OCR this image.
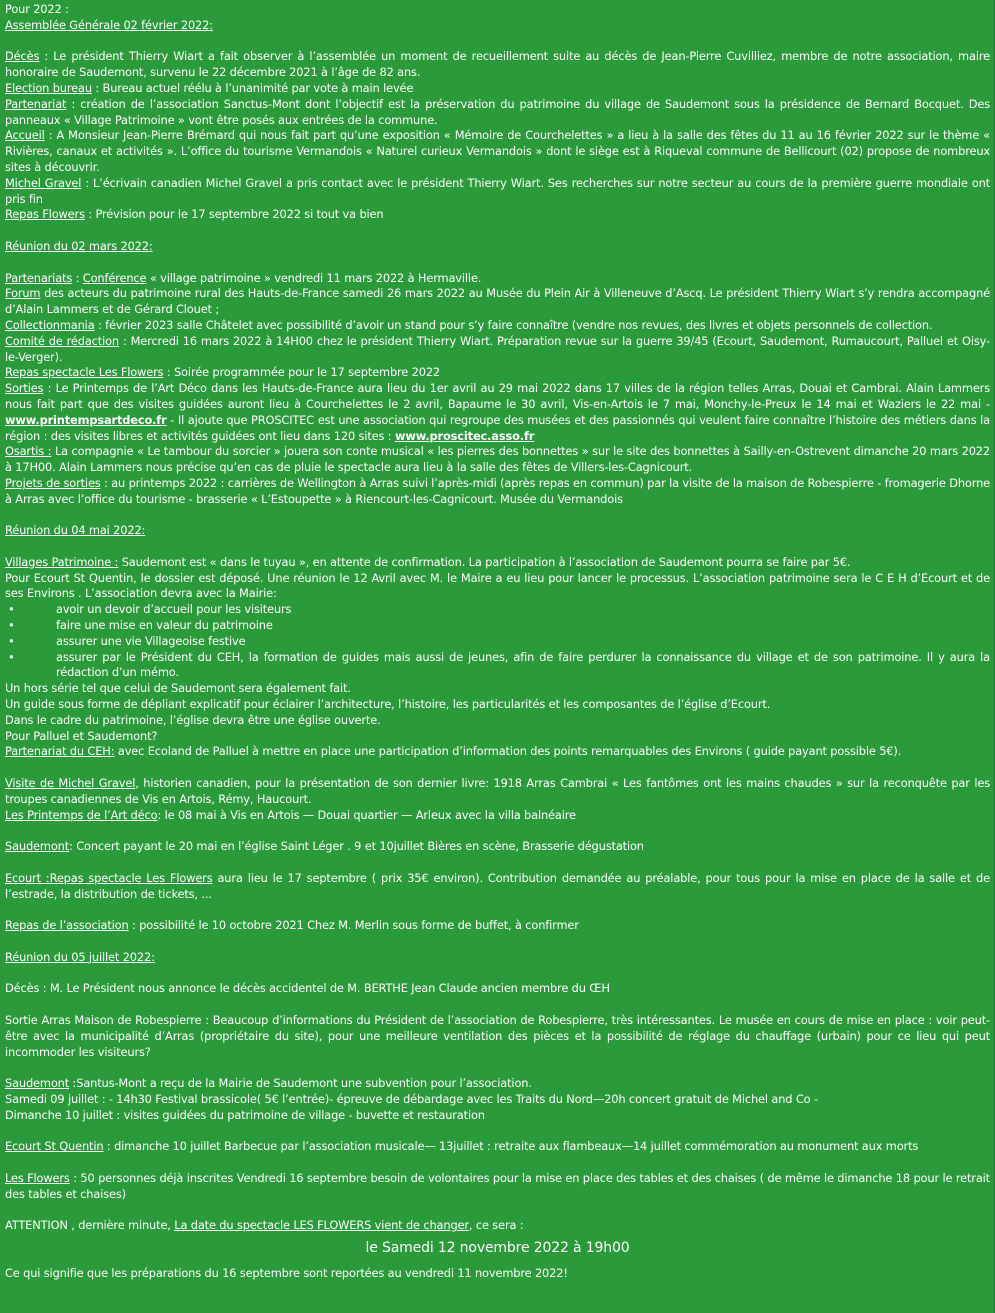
Pour 2022 :

Assemblée Générale 02 février 2022:

Décès : Le président Thierry Wiart a fait observer à l’assemblée un moment de recueillement suite au décès de Jean-Pierre Cuvilliez, membre de notre association, maire honoraire de Saudemont, survenu le 22 décembre 2021 à l’âge de 82 ans.

Election bureau : Bureau actuel réélu à l’unanimité par vote à main levée

Partenariat : création de l’association Sanctus-Mont dont l’objectif est la préservation du patrimoine du village de Saudemont sous la présidence de Bernard Bocquet. Des panneaux « Village Patrimoine » vont être posés aux entrées de la commune.

Accueil : A Monsieur Jean-Pierre Brémard qui nous fait part qu’une exposition « Mémoire de Courchelettes » a lieu à la salle des fêtes du 11 au 16 février 2022 sur le thème « Rivières, canaux et activités ». L’office du tourisme Vermandois « Naturel curieux Vermandois » dont le siège est à Riqueval commune de Bellicourt (02) propose de nombreux sites à découvrir.

Michel Gravel : L’écrivain canadien Michel Gravel a pris contact avec le président Thierry Wiart. Ses recherches sur notre secteur au cours de la première guerre mondiale ont pris fin

Repas Flowers : Prévision pour le 17 septembre 2022 si tout va bien

Réunion du 02 mars 2022:

Partenariats : Conférence « village patrimoine » vendredi 11 mars 2022 à Hermaville.

Forum des acteurs du patrimoine rural des Hauts-de-France samedi 26 mars 2022 au Musée du Plein Air à Villeneuve d’Ascq. Le président Thierry Wiart s’y rendra accompagné d’Alain Lammers et de Gérard Clouet ;

Collectionmania : février 2023 salle Châtelet avec possibilité d’avoir un stand pour s’y faire connaître (vendre nos revues, des livres et objets personnels de collection.

Comité de rédaction : Mercredi 16 mars 2022 à 14H00 chez le président Thierry Wiart. Préparation revue sur la guerre 39/45 (Ecourt, Saudemont, Rumaucourt, Palluel et Oisy-le-Verger).

Repas spectacle Les Flowers : Soirée programmée pour le 17 septembre 2022

Sorties : Le Printemps de l’Art Déco dans les Hauts-de-France aura lieu du 1er avril au 29 mai 2022 dans 17 villes de la région telles Arras, Douai et Cambrai. Alain Lammers nous fait part que des visites guidées auront lieu à Courchelettes le 2 avril, Bapaume le 30 avril, Vis-en-Artois le 7 mai, Monchy-le-Preux le 14 mai et Waziers le 22 mai - www.printempsartdeco.fr - Il ajoute que PROSCITEC est une association qui regroupe des musées et des passionnés qui veulent faire connaître l’histoire des métiers dans la région : des visites libres et activités guidées ont lieu dans 120 sites : www.proscitec.asso.fr

Osartis : La compagnie « Le tambour du sorcier » jouera son conte musical « les pierres des bonnettes » sur le site des bonnettes à Sailly-en-Ostrevent dimanche 20 mars 2022 à 17H00. Alain Lammers nous précise qu’en cas de pluie le spectacle aura lieu à la salle des fêtes de Villers-les-Cagnicourt.

Projets de sorties : au printemps 2022 : carrières de Wellington à Arras suivi l’après-midi (après repas en commun) par la visite de la maison de Robespierre - fromagerie Dhorne à Arras avec l’office du tourisme - brasserie « L’Estoupette » à Riencourt-les-Cagnicourt. Musée du Vermandois

Réunion du 04 mai 2022:

Villages Patrimoine : Saudemont est « dans le tuyau », en attente de confirmation. La participation à l’association de Saudemont pourra se faire par 5€.

Pour Ecourt St Quentin, le dossier est déposé. Une réunion le 12 Avril avec M. le Maire a eu lieu pour lancer le processus. L’association patrimoine sera le C E H d’Ecourt et de ses Environs . L’association devra avec la Mairie:

•	avoir un devoir d’accueil pour les visiteurs
•	faire une mise en valeur du patrimoine
•	assurer une vie Villageoise festive
•	assurer par le Président du CEH, la formation de guides mais aussi de jeunes, afin de faire perdurer la connaissance du village et de son patrimoine. Il y aura la rédaction d’un mémo.

Un hors série tel que celui de Saudemont sera également fait.

Un guide sous forme de dépliant explicatif pour éclairer l’architecture, l’histoire, les particularités et les composantes de l’église d’Ecourt.

Dans le cadre du patrimoine, l’église devra être une église ouverte.

Pour Palluel et Saudemont?

Partenariat du CEH: avec Ecoland de Palluel à mettre en place une participation d’information des points remarquables des Environs ( guide payant possible 5€).

Visite de Michel Gravel, historien canadien, pour la présentation de son dernier livre: 1918 Arras Cambrai « Les fantômes ont les mains chaudes » sur la reconquête par les troupes canadiennes de Vis en Artois, Rémy, Haucourt.

Les Printemps de l’Art déco: le 08 mai à Vis en Artois — Douai quartier — Arleux avec la villa balnéaire

Saudemont: Concert payant le 20 mai en l’église Saint Léger . 9 et 10juillet Bières en scène, Brasserie dégustation

Ecourt :Repas spectacle Les Flowers aura lieu le 17 septembre ( prix 35€ environ). Contribution demandée au préalable, pour tous pour la mise en place de la salle et de l’estrade, la distribution de tickets, ...

Repas de l’association : possibilité le 10 octobre 2021 Chez M. Merlin sous forme de buffet, à confirmer

Réunion du 05 juillet 2022:

Décès : M. Le Président nous annonce le décès accidentel de M. BERTHE Jean Claude ancien membre du ŒH

Sortie Arras Maison de Robespierre : Beaucoup d’informations du Président de l’association de Robespierre, très intéressantes. Le musée en cours de mise en place : voir peut-être avec la municipalité d’Arras (propriétaire du site), pour une meilleure ventilation des pièces et la possibilité de réglage du chauffage (urbain) pour ce lieu qui peut incommoder les visiteurs?

Saudemont :Santus-Mont a reçu de la Mairie de Saudemont une subvention pour l’association.

Samedi 09 juillet : - 14h30 Festival brassicole( 5€ l’entrée)- épreuve de débardage avec les Traits du Nord—20h concert gratuit de Michel and Co -

Dimanche 10 juillet : visites guidées du patrimoine de village - buvette et restauration

Ecourt St Quentin : dimanche 10 juillet Barbecue par l’association musicale— 13juillet : retraite aux flambeaux—14 juillet commémoration au monument aux morts

Les Flowers : 50 personnes déjà inscrites Vendredi 16 septembre besoin de volontaires pour la mise en place des tables et des chaises ( de même le dimanche 18 pour le retrait des tables et chaises)

ATTENTION , dernière minute, La date du spectacle LES FLOWERS vient de changer, ce sera :

le Samedi 12 novembre 2022 à 19h00

Ce qui signifie que les préparations du 16 septembre sont reportées au vendredi 11 novembre 2022!
